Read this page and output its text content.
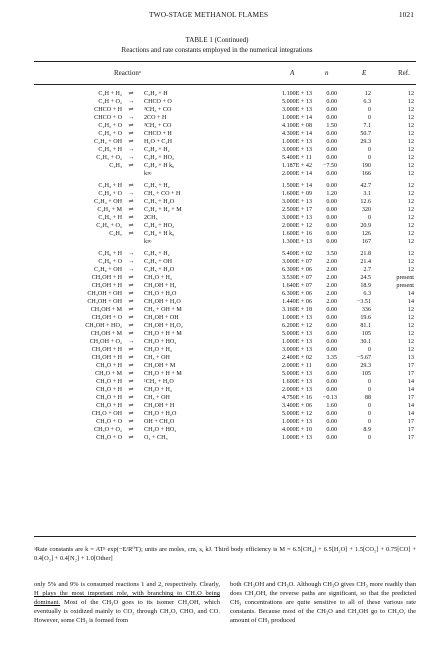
TWO-STAGE METHANOL FLAMES	1021
TABLE 1 (Continued)
Reactions and rate constants employed in the numerical integrations
Reactionᵃ	A	n	E	Ref.
C₂H + H₂	⇌	C₂H₂ + H	1.100E + 13	0.00	12	12
C₂H + O₂ →	CHCO + O	5.000E + 13	0.00	6.3	12
CHCO + H	⇌	³CH₂ + CO	3.000E + 13	0.00	0	12
CHCO + O →	2CO + H	1.000E + 14	0.00	0	12
C₂H₂ + O	⇌	³CH₂ + CO	4.100E + 08	1.50	7.1	12
C₂H₂ + O	⇌	CHCO + H	4.300E + 14	0.00	50.7	12
C₂H₂ + OH	⇌	H₂O + C₂H	1.000E + 13	0.00	29.3	12
C₂H₃ + H →	C₂H₂ + H₂	3.000E + 13	0.00	0	12
C₂H₃ + O₂ →	C₂H₂ + HO₂	5.400E + 11	0.00	0	12
C₂H₃	⇌	C₂H₂ + H k₀	1.187E + 42	−7.50	190	12
k∞	2.000E + 14	0.00	166	12
C₂H₄ + H	⇌	C₂H₃ + H₂	1.500E + 14	0.00	42.7	12
C₂H₄ + O →	CH₃ + CO + H	1.600E + 09	1.20	3.1	12
C₂H₄ + OH	⇌	C₂H₃ + H₂O	3.000E + 13	0.00	12.6	12
C₂H₄ + M	⇌	C₂H₂ + H₂ + M	2.500E + 17	0.00	320	12
C₂H₅ + H	⇌	2CH₃	3.000E + 13	0.00	0	12
C₂H₅ + O₂	⇌	C₂H₄ + HO₂	2.000E + 12	0.00	20.9	12
C₂H₅	⇌	C₂H₄ + H k₀	1.600E + 16	0.00	126	12
k∞	1.300E + 13	0.00	167	12
C₂H₆ + H →	C₂H₅ + H₂	5.400E + 02	3.50	21.8	12
C₂H₆ + O →	C₂H₅ + OH	3.000E + 07	2.00	21.4	12
C₂H₆ + OH →	C₂H₅ + H₂O	6.300E + 06	2.00	2.7	12
CH₃OH + H	⇌	CH₃O + H₂	3.530E + 07	2.00	24.5	present
CH₃OH + H	⇌	CH₂OH + H₂	1.640E + 07	2.00	18.9	present
CH₃OH + OH	⇌	CH₃O + H₂O	6.300E + 06	2.00	6.3	14
CH₃OH + OH	⇌	CH₂OH + H₂O	1.440E + 06	2.00	−3.51	14
CH₃OH + M	⇌	CH₃ + OH + M	3.160E + 18	0.00	336	12
CH₃OH + O	⇌	CH₂OH + OH	1.000E + 13	0.00	19.6	12
CH₃OH + HO₂	⇌	CH₂OH + H₂O₂	6.200E + 12	0.00	81.1	12
CH₂OH + M	⇌	CH₂O + H + M	5.000E + 13	0.00	105	12
CH₂OH + O₂ →	CH₂O + HO₂	1.000E + 13	0.00	30.1	12
CH₂OH + H	⇌	CH₂O + H₂	3.000E + 13	0.00	0	12
CH₂OH + H	⇌	CH₃ + OH	2.400E + 02	3.35	−5.67	13
CH₃O + H	⇌	CH₂OH + M	2.000E + 11	0.00	29.3	17
CH₃O + M	⇌	CH₂O + H + M	5.000E + 13	0.00	105	17
CH₃O + H	⇌	¹CH₂ + H₂O	1.600E + 13	0.00	0	14
CH₃O + H	⇌	CH₂O + H₂	2.000E + 13	0.00	0	14
CH₃O + H	⇌	CH₃ + OH	4.750E + 16	−0.13	88	17
CH₃O + H	⇌	CH₂OH + H	3.400E + 06	1.60	0	14
CH₃O + OH	⇌	CH₂O + H₂O	5.000E + 12	0.00	0	14
CH₃O + O	⇌	OH + CH₂O	1.000E + 13	0.00	0	17
CH₃O + O₂	⇌	CH₂O + HO₂	4.000E + 10	0.00	8.9	17
CH₃O + O	⇌	O₂ + CH₃	1.000E + 13	0.00	0	17
ᵃRate constants are k = ATⁿ exp(−E/R⁰T); units are moles, cm, s, kJ. Third body efficiency is M = 6.5[CH₄] + 6.5[H₂O] + 1.5[CO₂] + 0.75[CO] + 0.4[O₂] + 0.4[N₂] + 1.0[Other]
only 5% and 9% is consumed reactions 1 and 2, respectively. Clearly, H plays the most important role, with branching to CH₂O being dominant. Most of the CH₃O goes to its isomer CH₂OH, which eventually is oxidized mainly to CO₂ through CH₂O, CHO, and CO. However, some CH₃ is formed from
both CH₃OH and CH₃O. Although CH₃O gives CH₃ more readily than does CH₂OH, the reverse paths are significant, so that the predicted CH₃ concentrations are quite sensitive to all of these various rate constants. Because most of the CH₃O and CH₂OH go to CH₂O, the amount of CH₃ produced
